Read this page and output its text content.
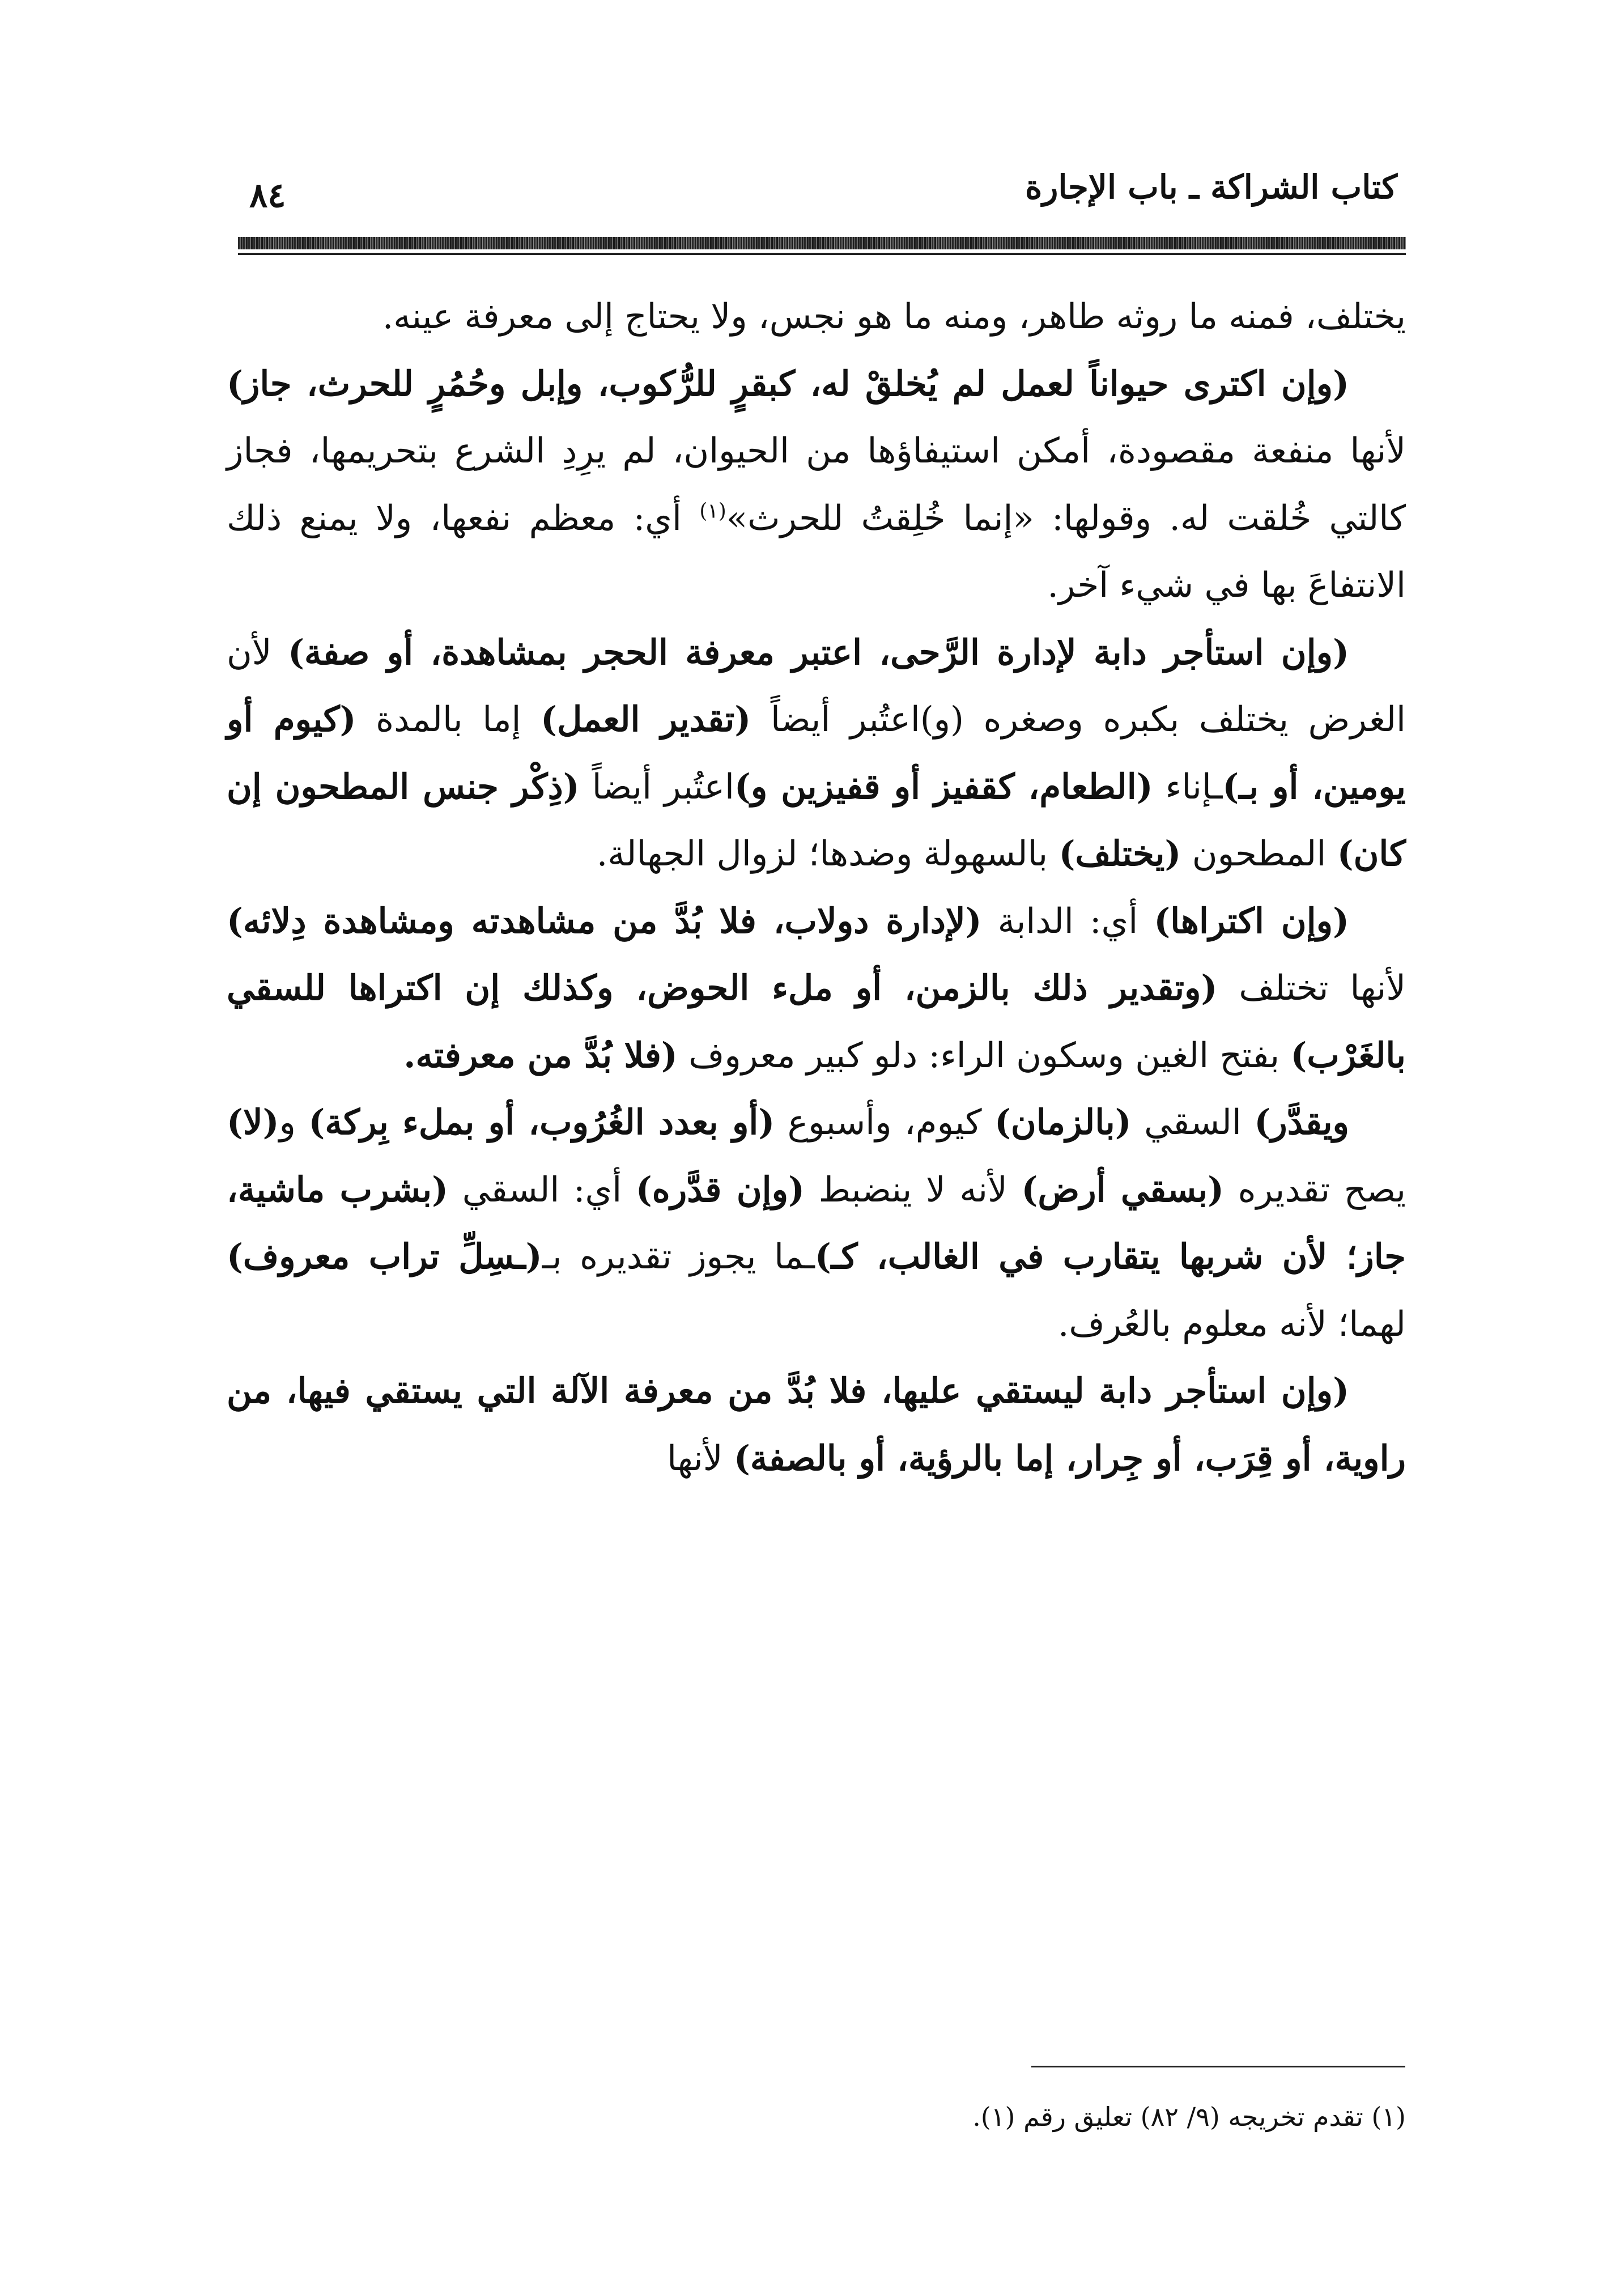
كتاب الشراكة ـ باب الإجارة
٨٤

يختلف، فمنه ما روثه طاهر، ومنه ما هو نجس، ولا يحتاج إلى معرفة عينه.

(وإن اكترى حيواناً لعمل لم يُخلقْ له، كبقرٍ للرُّكوب، وإبل وحُمُرٍ للحرث، جاز) لأنها منفعة مقصودة، أمكن استيفاؤها من الحيوان، لم يرِدِ الشرع بتحريمها، فجاز كالتي خُلقت له. وقولها: «إنما خُلِقتُ للحرث»$^{(١)}$ أي: معظم نفعها، ولا يمنع ذلك الانتفاعَ بها في شيء آخر.

(وإن استأجر دابة لإدارة الرَّحى، اعتبر معرفة الحجر بمشاهدة، أو صفة) لأن الغرض يختلف بكبره وصغره (و)اعتُبر أيضاً (تقدير العمل) إما بالمدة (كيوم أو يومين، أو بـ)ـإناء (الطعام، كقفيز أو قفيزين و)اعتُبر أيضاً (ذِكْر جنس المطحون إن كان) المطحون (يختلف) بالسهولة وضدها؛ لزوال الجهالة.

(وإن اكتراها) أي: الدابة (لإدارة دولاب، فلا بُدَّ من مشاهدته ومشاهدة دِلائه) لأنها تختلف (وتقدير ذلك بالزمن، أو ملء الحوض، وكذلك إن اكتراها للسقي بالغَرْب) بفتح الغين وسكون الراء: دلو كبير معروف (فلا بُدَّ من معرفته.

ويقدَّر) السقي (بالزمان) كيوم، وأسبوع (أو بعدد الغُرُوب، أو بملء بِركة) و(لا) يصح تقديره (بسقي أرض) لأنه لا ينضبط (وإن قدَّره) أي: السقي (بشرب ماشية، جاز؛ لأن شربها يتقارب في الغالب، كـ)ـما يجوز تقديره بـ(ـسِلِّ تراب معروف) لهما؛ لأنه معلوم بالعُرف.

(وإن استأجر دابة ليستقي عليها، فلا بُدَّ من معرفة الآلة التي يستقي فيها، من راوية، أو قِرَب، أو جِرار، إما بالرؤية، أو بالصفة) لأنها

(١) تقدم تخريجه (٩/ ٨٢) تعليق رقم (١).
